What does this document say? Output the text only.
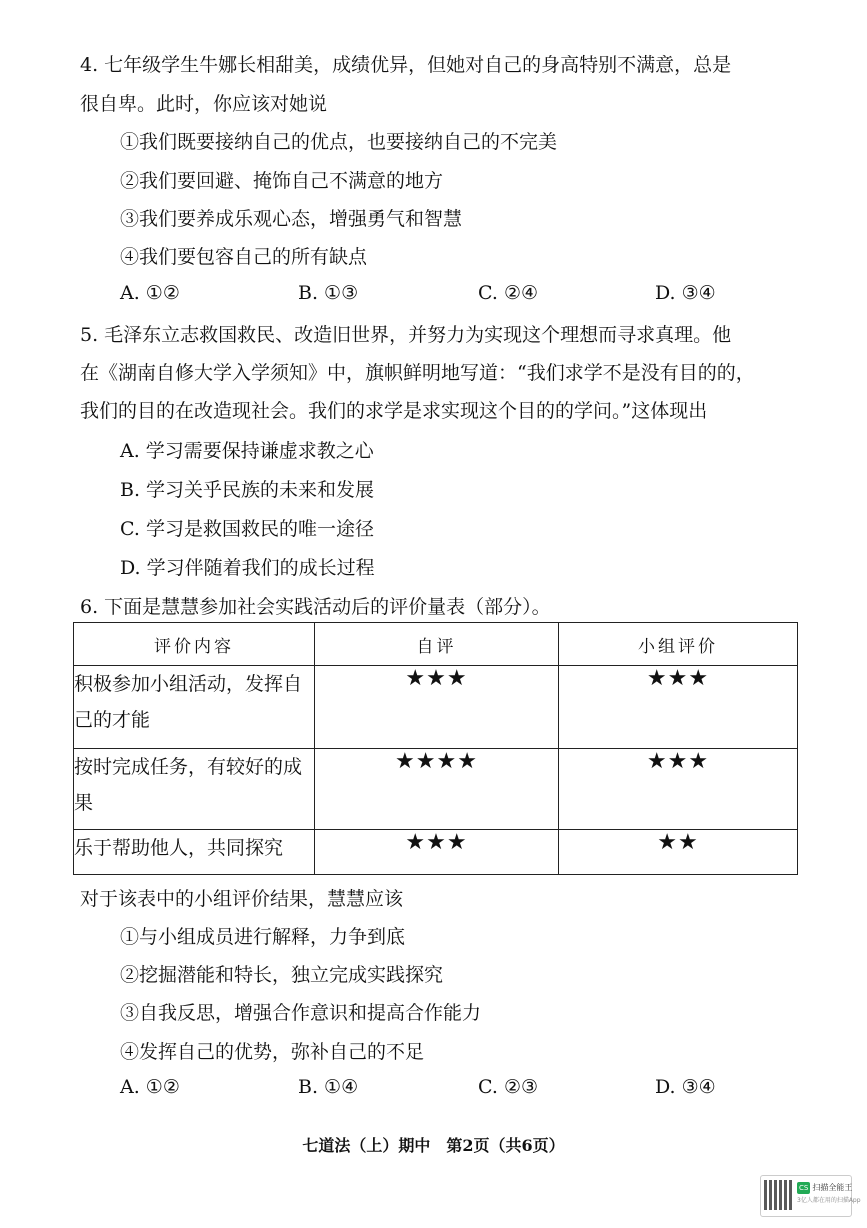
4. 七年级学生牛娜长相甜美，成绩优异，但她对自己的身高特别不满意，总是
很自卑。此时，你应该对她说
①我们既要接纳自己的优点，也要接纳自己的不完美
②我们要回避、掩饰自己不满意的地方
③我们要养成乐观心态，增强勇气和智慧
④我们要包容自己的所有缺点
A. ①②	B. ①③	C. ②④	D. ③④
5. 毛泽东立志救国救民、改造旧世界，并努力为实现这个理想而寻求真理。他
在《湖南自修大学入学须知》中，旗帜鲜明地写道：“我们求学不是没有目的的，
我们的目的在改造现社会。我们的求学是求实现这个目的的学问。”这体现出
A. 学习需要保持谦虚求教之心
B. 学习关乎民族的未来和发展
C. 学习是救国救民的唯一途径
D. 学习伴随着我们的成长过程
6. 下面是慧慧参加社会实践活动后的评价量表（部分）。
评价内容	自评	小组评价
积极参加小组活动，发挥自己的才能	★★★	★★★
按时完成任务，有较好的成果	★★★★	★★★
乐于帮助他人，共同探究	★★★	★★
对于该表中的小组评价结果，慧慧应该
①与小组成员进行解释，力争到底
②挖掘潜能和特长，独立完成实践探究
③自我反思，增强合作意识和提高合作能力
④发挥自己的优势，弥补自己的不足
A. ①②	B. ①④	C. ②③	D. ③④
七道法（上）期中　第2页（共6页）
CS 扫描全能王
3亿人都在用的扫描App
